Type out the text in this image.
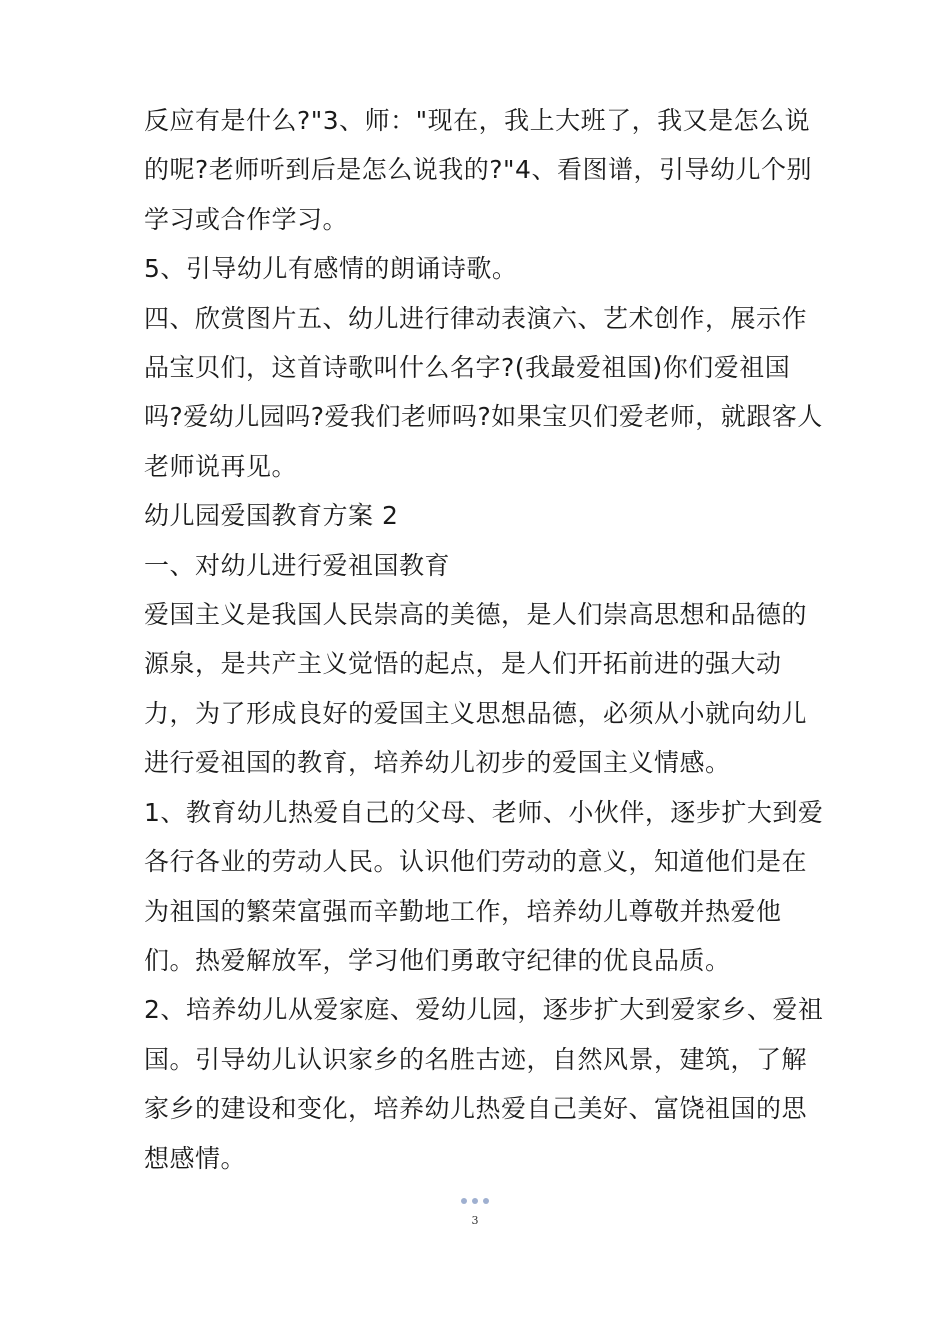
反应有是什么?"3、师："现在，我上大班了，我又是怎么说的呢?老师听到后是怎么说我的?"4、看图谱，引导幼儿个别学习或合作学习。

5、引导幼儿有感情的朗诵诗歌。

四、欣赏图片五、幼儿进行律动表演六、艺术创作，展示作品宝贝们，这首诗歌叫什么名字?(我最爱祖国)你们爱祖国吗?爱幼儿园吗?爱我们老师吗?如果宝贝们爱老师，就跟客人老师说再见。

幼儿园爱国教育方案 2

一、对幼儿进行爱祖国教育

爱国主义是我国人民崇高的美德，是人们崇高思想和品德的源泉，是共产主义觉悟的起点，是人们开拓前进的强大动力，为了形成良好的爱国主义思想品德，必须从小就向幼儿进行爱祖国的教育，培养幼儿初步的爱国主义情感。

1、教育幼儿热爱自己的父母、老师、小伙伴，逐步扩大到爱各行各业的劳动人民。认识他们劳动的意义，知道他们是在为祖国的繁荣富强而辛勤地工作，培养幼儿尊敬并热爱他们。热爱解放军，学习他们勇敢守纪律的优良品质。

2、培养幼儿从爱家庭、爱幼儿园，逐步扩大到爱家乡、爱祖国。引导幼儿认识家乡的名胜古迹，自然风景，建筑，了解家乡的建设和变化，培养幼儿热爱自己美好、富饶祖国的思想感情。

3
